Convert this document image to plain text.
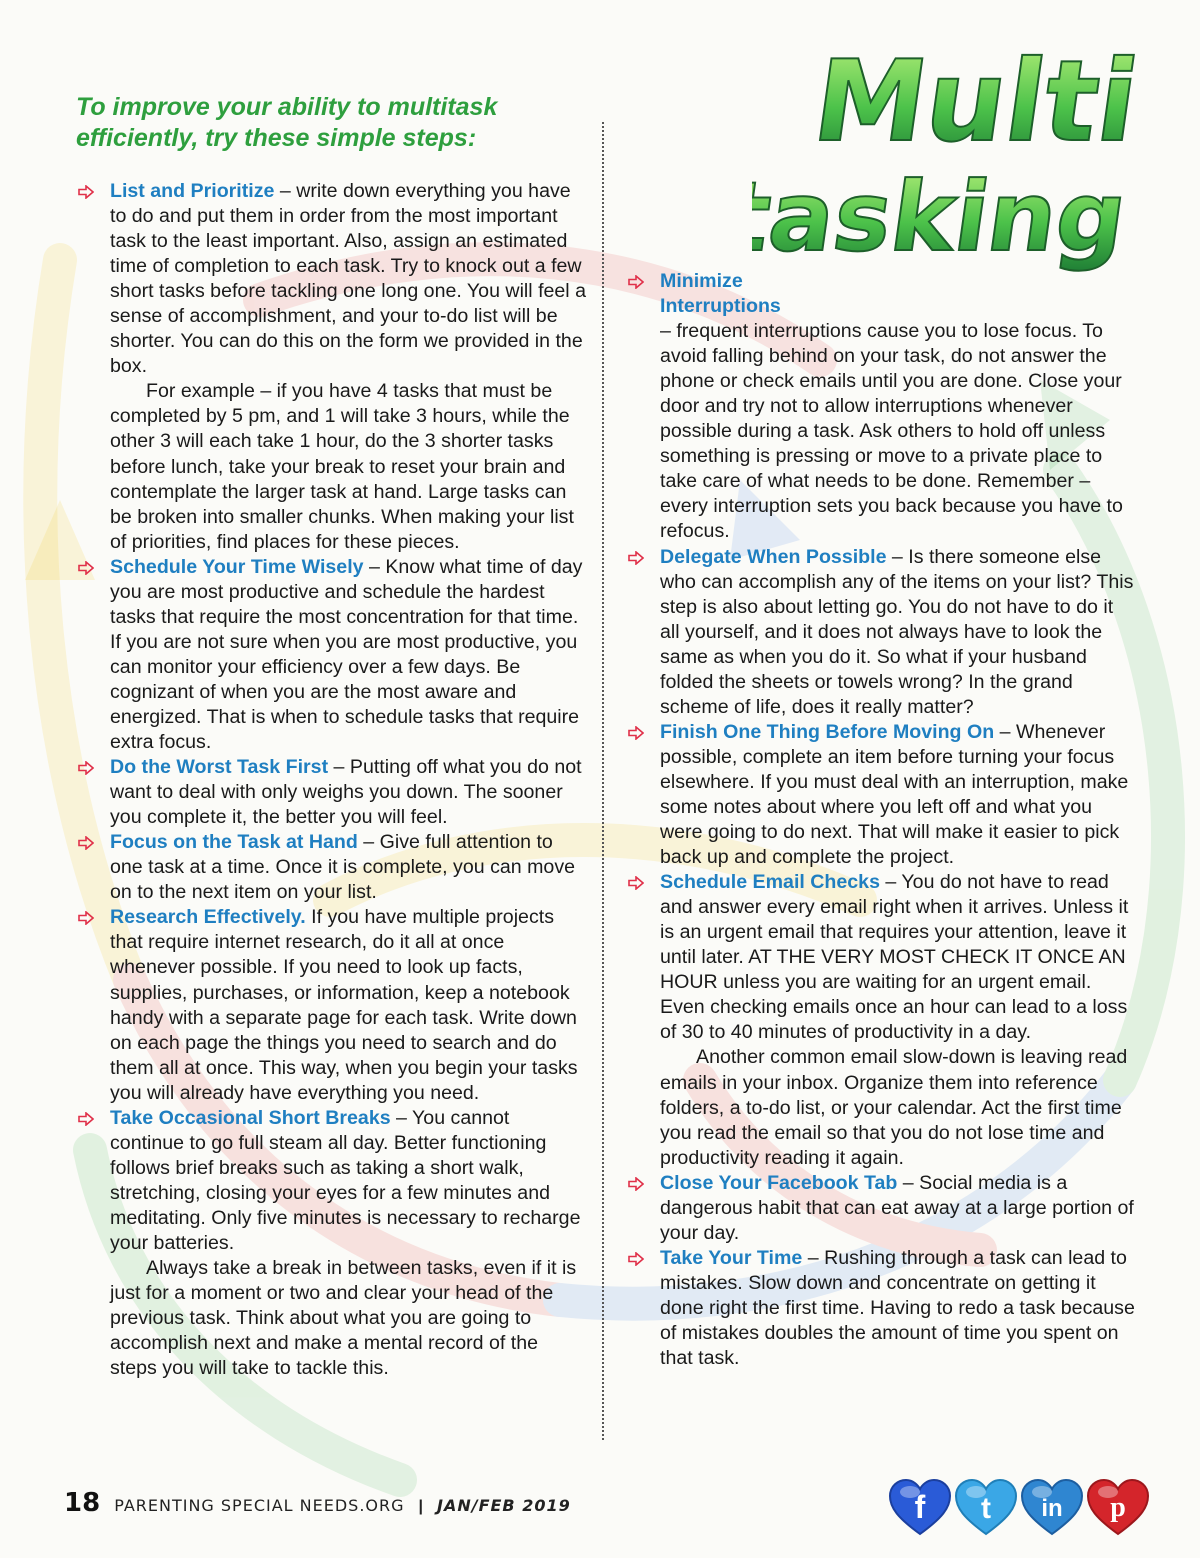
Multi
tasking

To improve your ability to multitask efficiently, try these simple steps:

List and Prioritize – write down everything you have to do and put them in order from the most important task to the least important. Also, assign an estimated time of completion to each task. Try to knock out a few short tasks before tackling one long one. You will feel a sense of accomplishment, and your to-do list will be shorter. You can do this on the form we provided in the box.

For example – if you have 4 tasks that must be completed by 5 pm, and 1 will take 3 hours, while the other 3 will each take 1 hour, do the 3 shorter tasks before lunch, take your break to reset your brain and contemplate the larger task at hand. Large tasks can be broken into smaller chunks. When making your list of priorities, find places for these pieces.

Schedule Your Time Wisely – Know what time of day you are most productive and schedule the hardest tasks that require the most concentration for that time. If you are not sure when you are most productive, you can monitor your efficiency over a few days. Be cognizant of when you are the most aware and energized. That is when to schedule tasks that require extra focus.

Do the Worst Task First – Putting off what you do not want to deal with only weighs you down. The sooner you complete it, the better you will feel.

Focus on the Task at Hand – Give full attention to one task at a time. Once it is complete, you can move on to the next item on your list.

Research Effectively. If you have multiple projects that require internet research, do it all at once whenever possible. If you need to look up facts, supplies, purchases, or information, keep a notebook handy with a separate page for each task. Write down on each page the things you need to search and do them all at once. This way, when you begin your tasks you will already have everything you need.

Take Occasional Short Breaks – You cannot continue to go full steam all day. Better functioning follows brief breaks such as taking a short walk, stretching, closing your eyes for a few minutes and meditating. Only five minutes is necessary to recharge your batteries.

Always take a break in between tasks, even if it is just for a moment or two and clear your head of the previous task. Think about what you are going to accomplish next and make a mental record of the steps you will take to tackle this.

Minimize

Interruptions

– frequent interruptions cause you to lose focus. To avoid falling behind on your task, do not answer the phone or check emails until you are done. Close your door and try not to allow interruptions whenever possible during a task. Ask others to hold off unless something is pressing or move to a private place to take care of what needs to be done. Remember – every interruption sets you back because you have to refocus.

Delegate When Possible – Is there someone else who can accomplish any of the items on your list? This step is also about letting go. You do not have to do it all yourself, and it does not always have to look the same as when you do it. So what if your husband folded the sheets or towels wrong? In the grand scheme of life, does it really matter?

Finish One Thing Before Moving On – Whenever possible, complete an item before turning your focus elsewhere. If you must deal with an interruption, make some notes about where you left off and what you were going to do next. That will make it easier to pick back up and complete the project.

Schedule Email Checks – You do not have to read and answer every email right when it arrives. Unless it is an urgent email that requires your attention, leave it until later. AT THE VERY MOST CHECK IT ONCE AN HOUR unless you are waiting for an urgent email. Even checking emails once an hour can lead to a loss of 30 to 40 minutes of productivity in a day.

Another common email slow-down is leaving read emails in your inbox. Organize them into reference folders, a to-do list, or your calendar. Act the first time you read the email so that you do not lose time and productivity reading it again.

Close Your Facebook Tab – Social media is a dangerous habit that can eat away at a large portion of your day.

Take Your Time – Rushing through a task can lead to mistakes. Slow down and concentrate on getting it done right the first time. Having to redo a task because of mistakes doubles the amount of time you spent on that task.

18 PARENTING SPECIAL NEEDS.ORG | JAN/FEB 2019	f t in p
